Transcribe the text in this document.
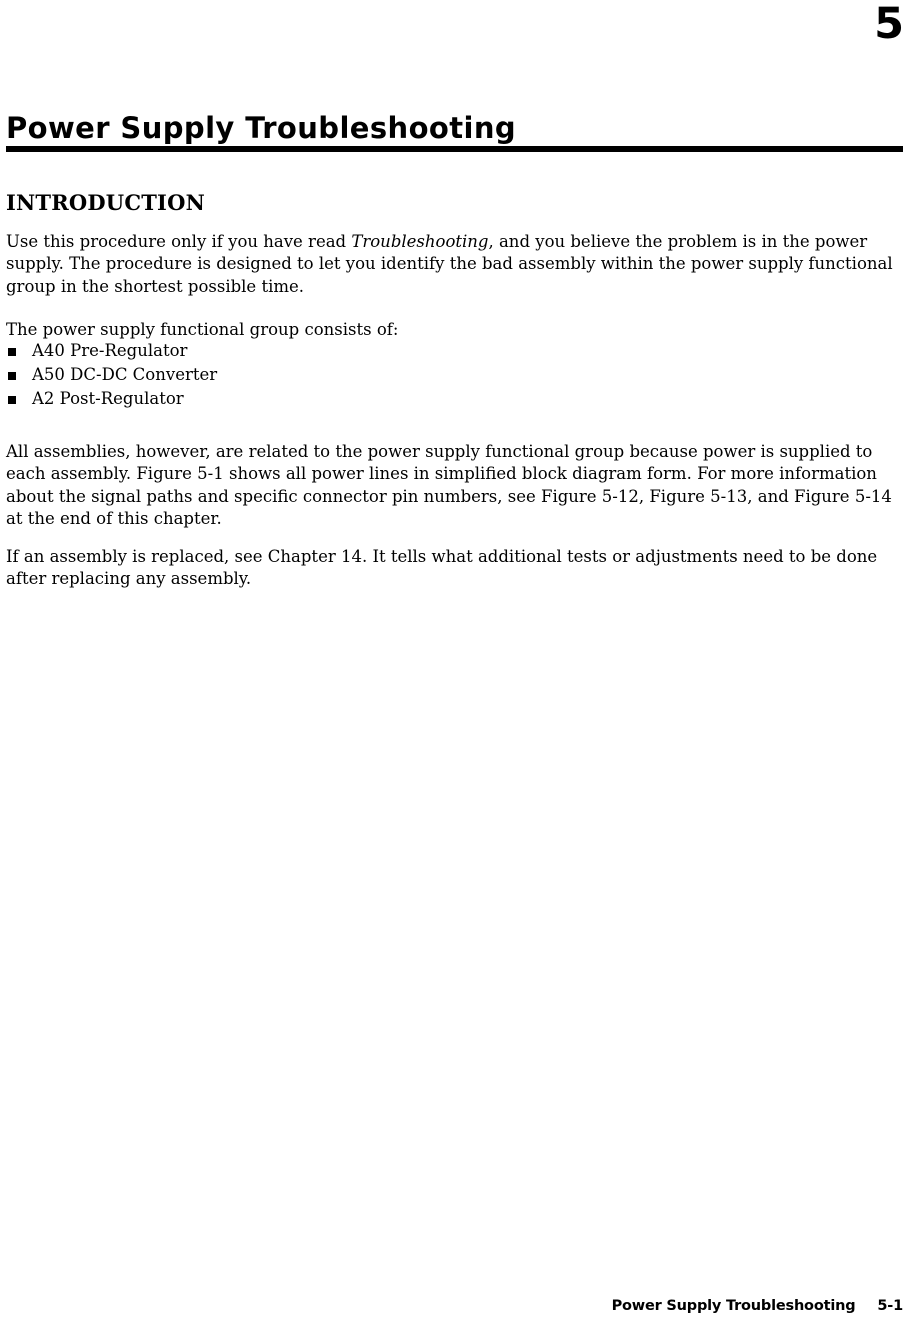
5
Power Supply Troubleshooting
INTRODUCTION

Use this procedure only if you have read Troubleshooting, and you believe the problem is in the power supply. The procedure is designed to let you identify the bad assembly within the power supply functional group in the shortest possible time.

The power supply functional group consists of:

A40 Pre-Regulator
A50 DC-DC Converter
A2 Post-Regulator

All assemblies, however, are related to the power supply functional group because power is supplied to each assembly. Figure 5-1 shows all power lines in simplified block diagram form. For more information about the signal paths and specific connector pin numbers, see Figure 5-12, Figure 5-13, and Figure 5-14 at the end of this chapter.

If an assembly is replaced, see Chapter 14. It tells what additional tests or adjustments need to be done after replacing any assembly.

Power Supply Troubleshooting 5-1
